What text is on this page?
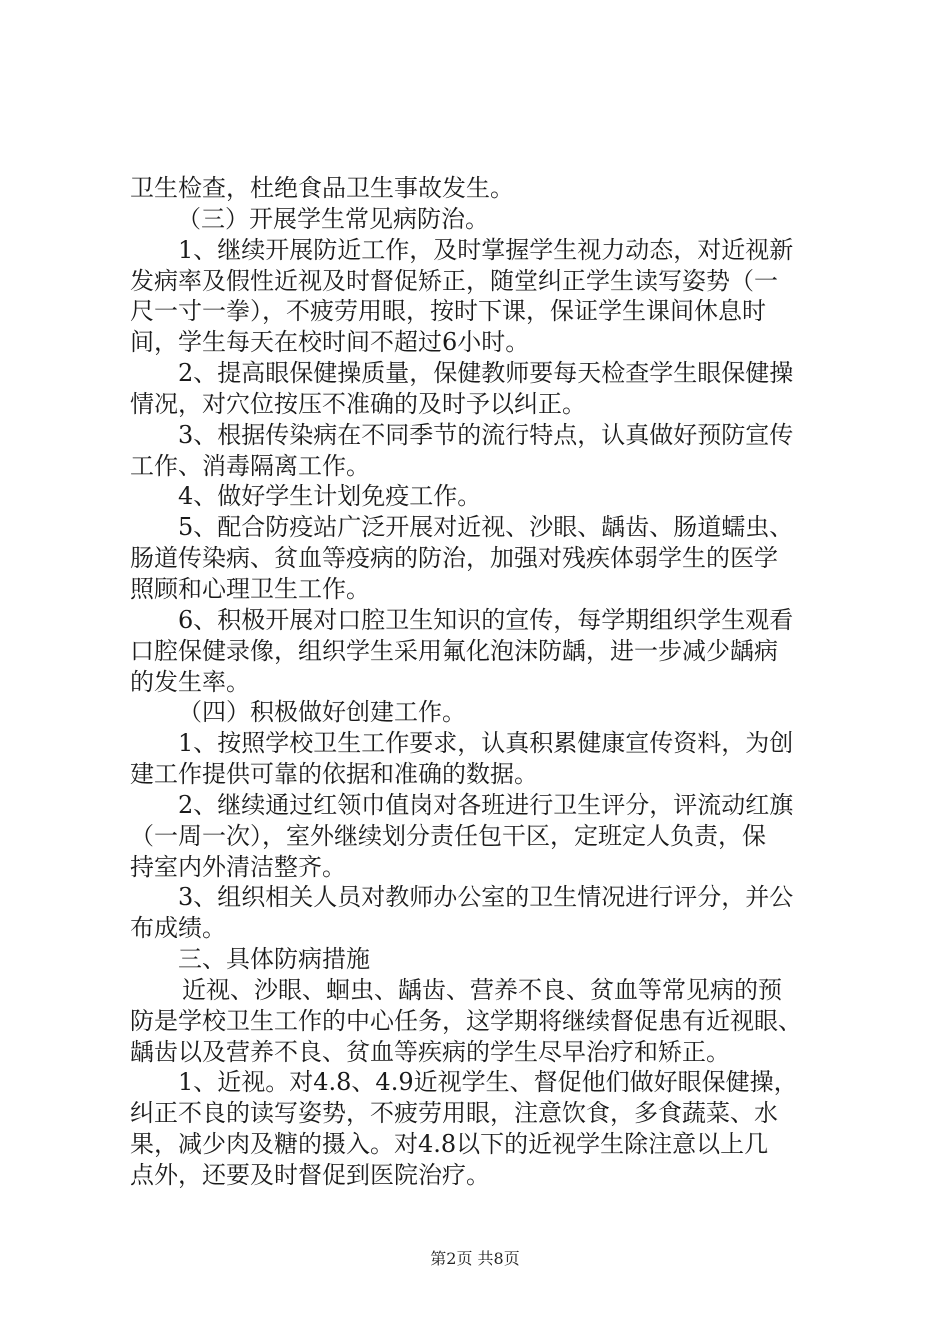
卫生检查，杜绝食品卫生事故发生。
（三）开展学生常见病防治。
1、继续开展防近工作，及时掌握学生视力动态，对近视新
发病率及假性近视及时督促矫正，随堂纠正学生读写姿势（一
尺一寸一拳），不疲劳用眼，按时下课，保证学生课间休息时
间，学生每天在校时间不超过6小时。
2、提高眼保健操质量，保健教师要每天检查学生眼保健操
情况，对穴位按压不准确的及时予以纠正。
3、根据传染病在不同季节的流行特点，认真做好预防宣传
工作、消毒隔离工作。
4、做好学生计划免疫工作。
5、配合防疫站广泛开展对近视、沙眼、龋齿、肠道蠕虫、
肠道传染病、贫血等疫病的防治，加强对残疾体弱学生的医学
照顾和心理卫生工作。
6、积极开展对口腔卫生知识的宣传，每学期组织学生观看
口腔保健录像，组织学生采用氟化泡沫防龋，进一步减少龋病
的发生率。
（四）积极做好创建工作。
1、按照学校卫生工作要求，认真积累健康宣传资料，为创
建工作提供可靠的依据和准确的数据。
2、继续通过红领巾值岗对各班进行卫生评分，评流动红旗
（一周一次），室外继续划分责任包干区，定班定人负责，保
持室内外清洁整齐。
3、组织相关人员对教师办公室的卫生情况进行评分，并公
布成绩。
三、具体防病措施
近视、沙眼、蛔虫、龋齿、营养不良、贫血等常见病的预
防是学校卫生工作的中心任务，这学期将继续督促患有近视眼、
龋齿以及营养不良、贫血等疾病的学生尽早治疗和矫正。
1、近视。对4.8、4.9近视学生、督促他们做好眼保健操，
纠正不良的读写姿势，不疲劳用眼，注意饮食，多食蔬菜、水
果，减少肉及糖的摄入。对4.8以下的近视学生除注意以上几
点外，还要及时督促到医院治疗。
第2页 共8页
